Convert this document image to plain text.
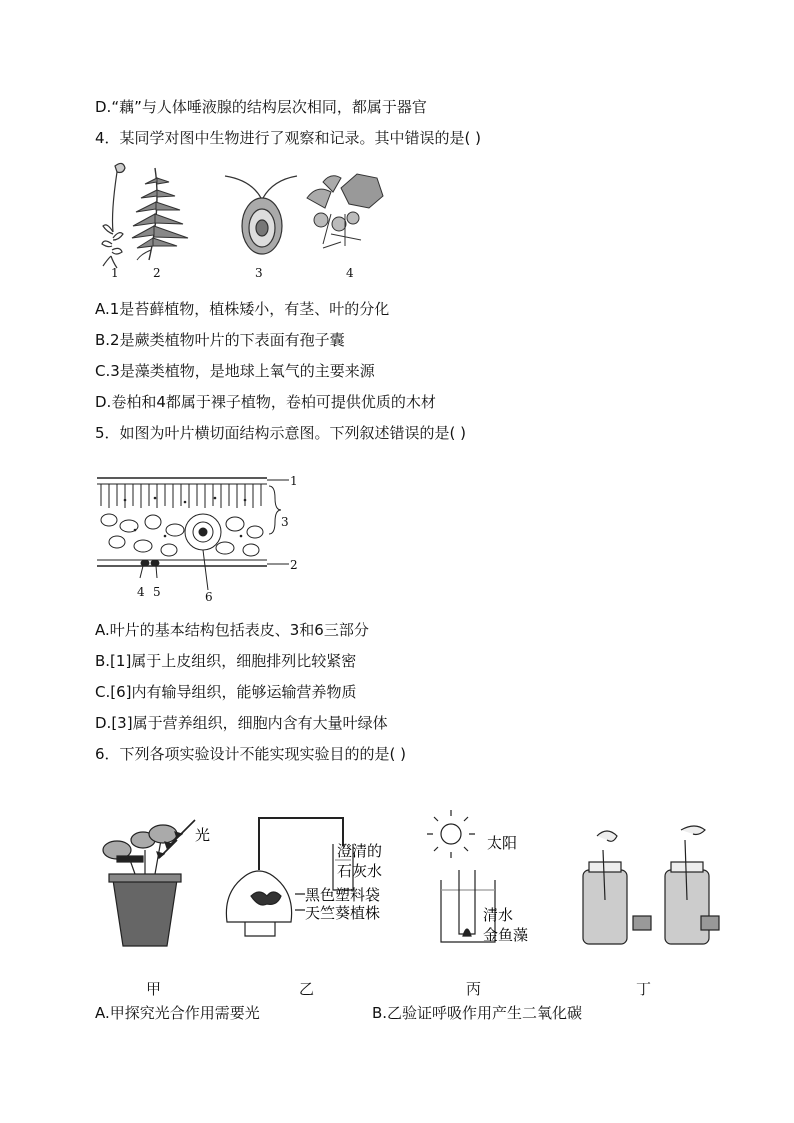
D.“藕”与人体唾液腺的结构层次相同，都属于器官
4．某同学对图中生物进行了观察和记录。其中错误的是( )
1	2	3	4
A.1是苔藓植物，植株矮小，有茎、叶的分化
B.2是蕨类植物叶片的下表面有孢子囊
C.3是藻类植物，是地球上氧气的主要来源
D.卷柏和4都属于裸子植物，卷柏可提供优质的木材
5．如图为叶片横切面结构示意图。下列叙述错误的是( )
1
2
3
4 5	6
A.叶片的基本结构包括表皮、3和6三部分
B.[1]属于上皮组织，细胞排列比较紧密
C.[6]内有输导组织，能够运输营养物质
D.[3]属于营养组织，细胞内含有大量叶绿体
6．下列各项实验设计不能实现实验目的的是( )
光
澄清的
石灰水
黑色塑料袋
天竺葵植株
太阳
清水
金鱼藻
甲	乙	丙	丁
A.甲探究光合作用需要光	B.乙验证呼吸作用产生二氧化碳
